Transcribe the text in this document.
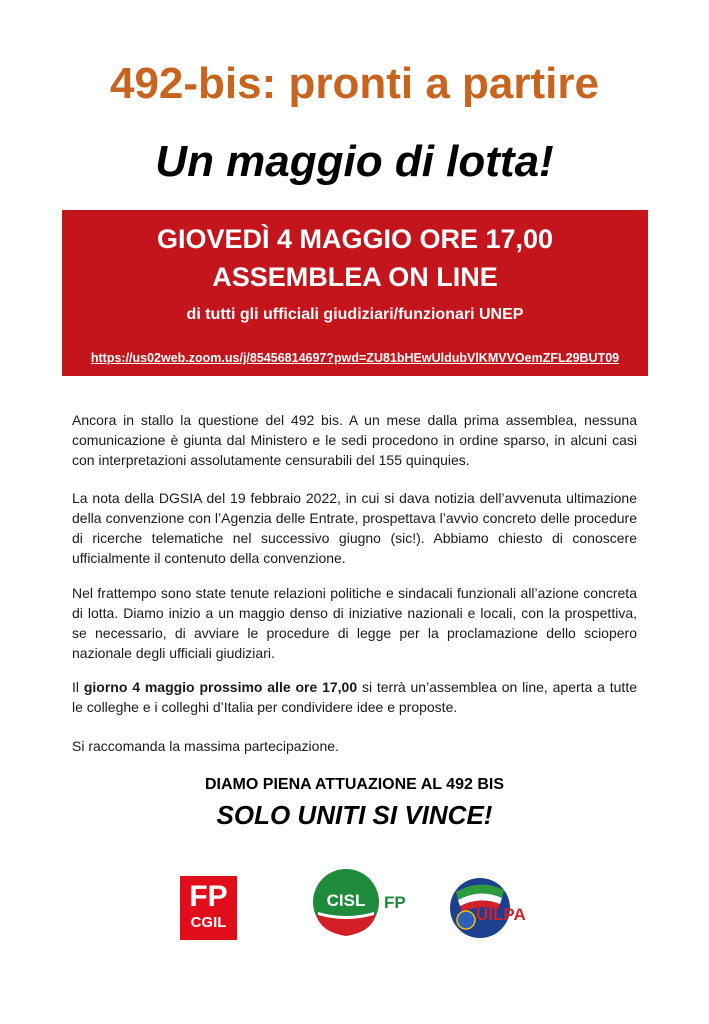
492-bis: pronti a partire
Un maggio di lotta!
GIOVEDÌ 4 MAGGIO ORE 17,00
ASSEMBLEA ON LINE
di tutti gli ufficiali giudiziari/funzionari UNEP
https://us02web.zoom.us/j/85456814697?pwd=ZU81bHEwUldubVlKMVVOemZFL29BUT09
Ancora in stallo la questione del 492 bis. A un mese dalla prima assemblea, nessuna comunicazione è giunta dal Ministero e le sedi procedono in ordine sparso, in alcuni casi con interpretazioni assolutamente censurabili del 155 quinquies.
La nota della DGSIA del 19 febbraio 2022, in cui si dava notizia dell’avvenuta ultimazione della convenzione con l’Agenzia delle Entrate, prospettava l’avvio concreto delle procedure di ricerche telematiche nel successivo giugno (sic!). Abbiamo chiesto di conoscere ufficialmente il contenuto della convenzione.
Nel frattempo sono state tenute relazioni politiche e sindacali funzionali all’azione concreta di lotta. Diamo inizio a un maggio denso di iniziative nazionali e locali, con la prospettiva, se necessario, di avviare le procedure di legge per la proclamazione dello sciopero nazionale degli ufficiali giudiziari.
Il giorno 4 maggio prossimo alle ore 17,00 si terrà un’assemblea on line, aperta a tutte le colleghe e i colleghi d’Italia per condividere idee e proposte.
Si raccomanda la massima partecipazione.
DIAMO PIENA ATTUAZIONE AL 492 BIS
SOLO UNITI SI VINCE!
FP
CGIL
CISL FP
UILPA
